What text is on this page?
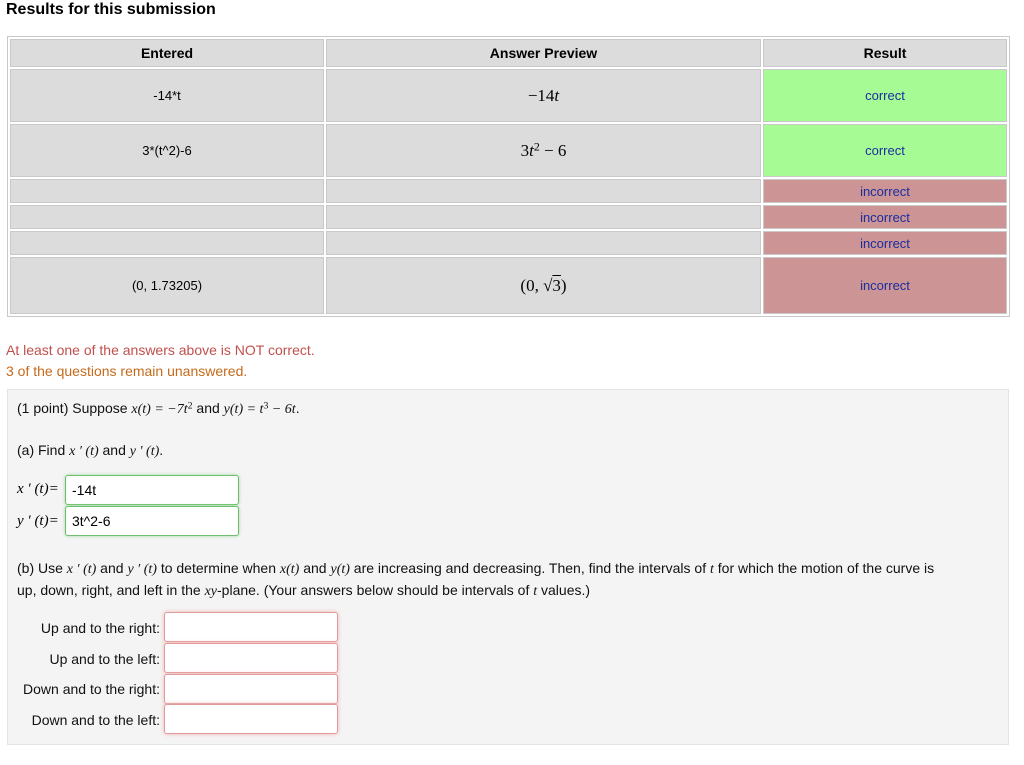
Results for this submission
Entered	Answer Preview	Result
-14*t	−14t	correct
3*(t^2)-6	$3t^2 - 6$	correct
		incorrect
		incorrect
		incorrect
(0, 1.73205)	(0, √3)	incorrect
At least one of the answers above is NOT correct.
3 of the questions remain unanswered.
(1 point) Suppose $x(t) = -7t^2$ and $y(t) = t^3 - 6t$.
(a) Find x ′ (t) and y ′ (t).
x ′ (t)=
-14t
y ′ (t)=
3t^2-6
(b) Use x ′ (t) and y ′ (t) to determine when x(t) and y(t) are increasing and decreasing. Then, find the intervals of t for which the motion of the curve is
up, down, right, and left in the xy-plane. (Your answers below should be intervals of t values.)
Up and to the right:
Up and to the left:
Down and to the right:
Down and to the left:
